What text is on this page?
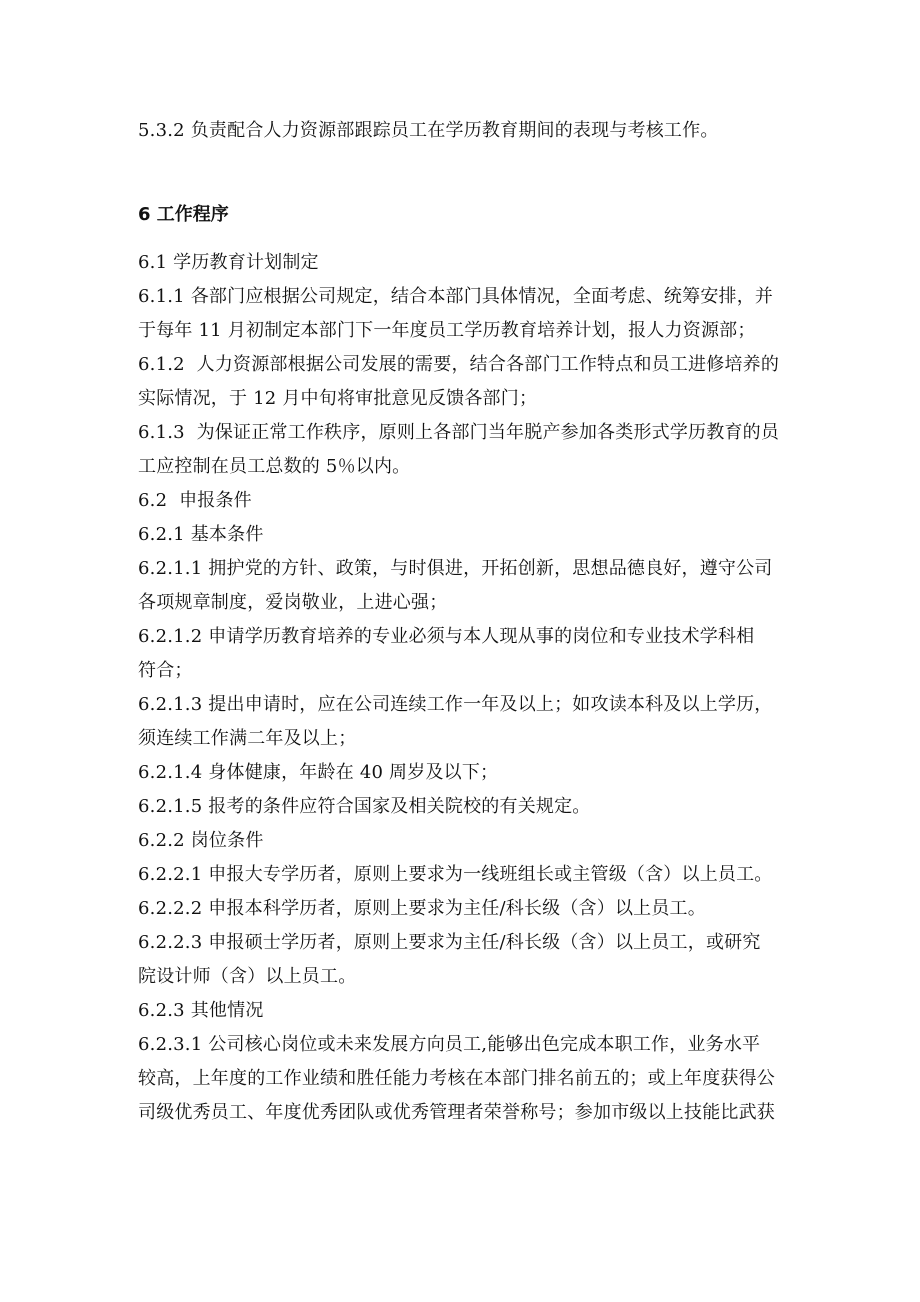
5.3.2 负责配合人力资源部跟踪员工在学历教育期间的表现与考核工作。
6 工作程序
6.1 学历教育计划制定
6.1.1 各部门应根据公司规定，结合本部门具体情况，全面考虑、统筹安排，并
于每年 11 月初制定本部门下一年度员工学历教育培养计划，报人力资源部；
6.1.2  人力资源部根据公司发展的需要，结合各部门工作特点和员工进修培养的
实际情况，于 12 月中旬将审批意见反馈各部门；
6.1.3  为保证正常工作秩序，原则上各部门当年脱产参加各类形式学历教育的员
工应控制在员工总数的 5％以内。
6.2  申报条件
6.2.1 基本条件
6.2.1.1 拥护党的方针、政策，与时俱进，开拓创新，思想品德良好，遵守公司
各项规章制度，爱岗敬业，上进心强；
6.2.1.2 申请学历教育培养的专业必须与本人现从事的岗位和专业技术学科相
符合；
6.2.1.3 提出申请时，应在公司连续工作一年及以上；如攻读本科及以上学历，
须连续工作满二年及以上；
6.2.1.4 身体健康，年龄在 40 周岁及以下；
6.2.1.5 报考的条件应符合国家及相关院校的有关规定。
6.2.2 岗位条件
6.2.2.1 申报大专学历者，原则上要求为一线班组长或主管级（含）以上员工。
6.2.2.2 申报本科学历者，原则上要求为主任/科长级（含）以上员工。
6.2.2.3 申报硕士学历者，原则上要求为主任/科长级（含）以上员工，或研究
院设计师（含）以上员工。
6.2.3 其他情况
6.2.3.1 公司核心岗位或未来发展方向员工,能够出色完成本职工作，业务水平
较高，上年度的工作业绩和胜任能力考核在本部门排名前五的；或上年度获得公
司级优秀员工、年度优秀团队或优秀管理者荣誉称号；参加市级以上技能比武获
